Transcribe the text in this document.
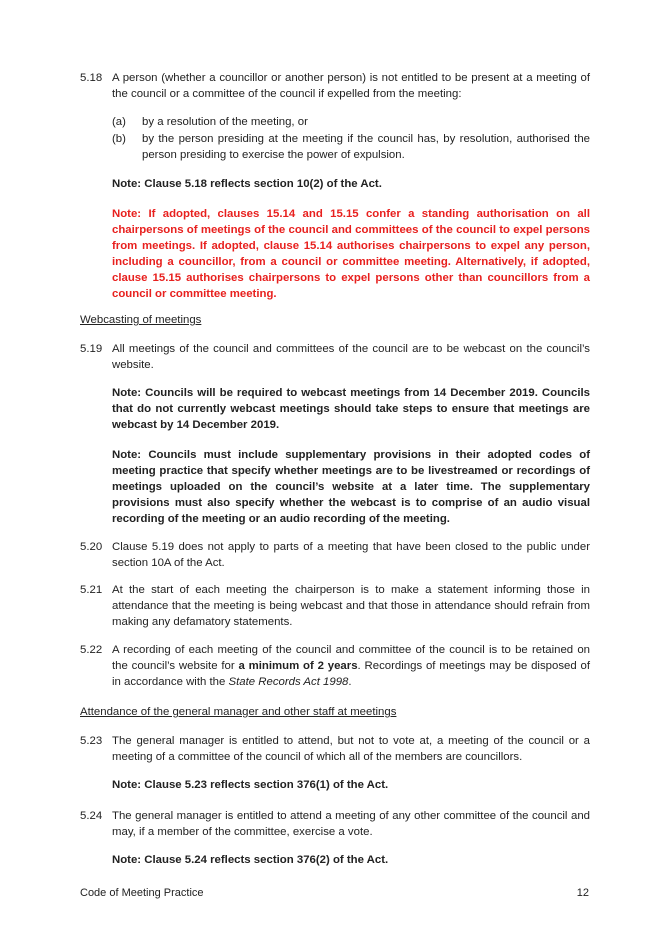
5.18 A person (whether a councillor or another person) is not entitled to be present at a meeting of the council or a committee of the council if expelled from the meeting:
(a)	by a resolution of the meeting, or
(b)	by the person presiding at the meeting if the council has, by resolution, authorised the person presiding to exercise the power of expulsion.
Note: Clause 5.18 reflects section 10(2) of the Act.
Note: If adopted, clauses 15.14 and 15.15 confer a standing authorisation on all chairpersons of meetings of the council and committees of the council to expel persons from meetings. If adopted, clause 15.14 authorises chairpersons to expel any person, including a councillor, from a council or committee meeting. Alternatively, if adopted, clause 15.15 authorises chairpersons to expel persons other than councillors from a council or committee meeting.
Webcasting of meetings
5.19 All meetings of the council and committees of the council are to be webcast on the council’s website.
Note: Councils will be required to webcast meetings from 14 December 2019. Councils that do not currently webcast meetings should take steps to ensure that meetings are webcast by 14 December 2019.
Note: Councils must include supplementary provisions in their adopted codes of meeting practice that specify whether meetings are to be livestreamed or recordings of meetings uploaded on the council’s website at a later time. The supplementary provisions must also specify whether the webcast is to comprise of an audio visual recording of the meeting or an audio recording of the meeting.
5.20 Clause 5.19 does not apply to parts of a meeting that have been closed to the public under section 10A of the Act.
5.21 At the start of each meeting the chairperson is to make a statement informing those in attendance that the meeting is being webcast and that those in attendance should refrain from making any defamatory statements.
5.22 A recording of each meeting of the council and committee of the council is to be retained on the council’s website for a minimum of 2 years. Recordings of meetings may be disposed of in accordance with the State Records Act 1998.
Attendance of the general manager and other staff at meetings
5.23 The general manager is entitled to attend, but not to vote at, a meeting of the council or a meeting of a committee of the council of which all of the members are councillors.
Note: Clause 5.23 reflects section 376(1) of the Act.
5.24 The general manager is entitled to attend a meeting of any other committee of the council and may, if a member of the committee, exercise a vote.
Note: Clause 5.24 reflects section 376(2) of the Act.
Code of Meeting Practice	12
